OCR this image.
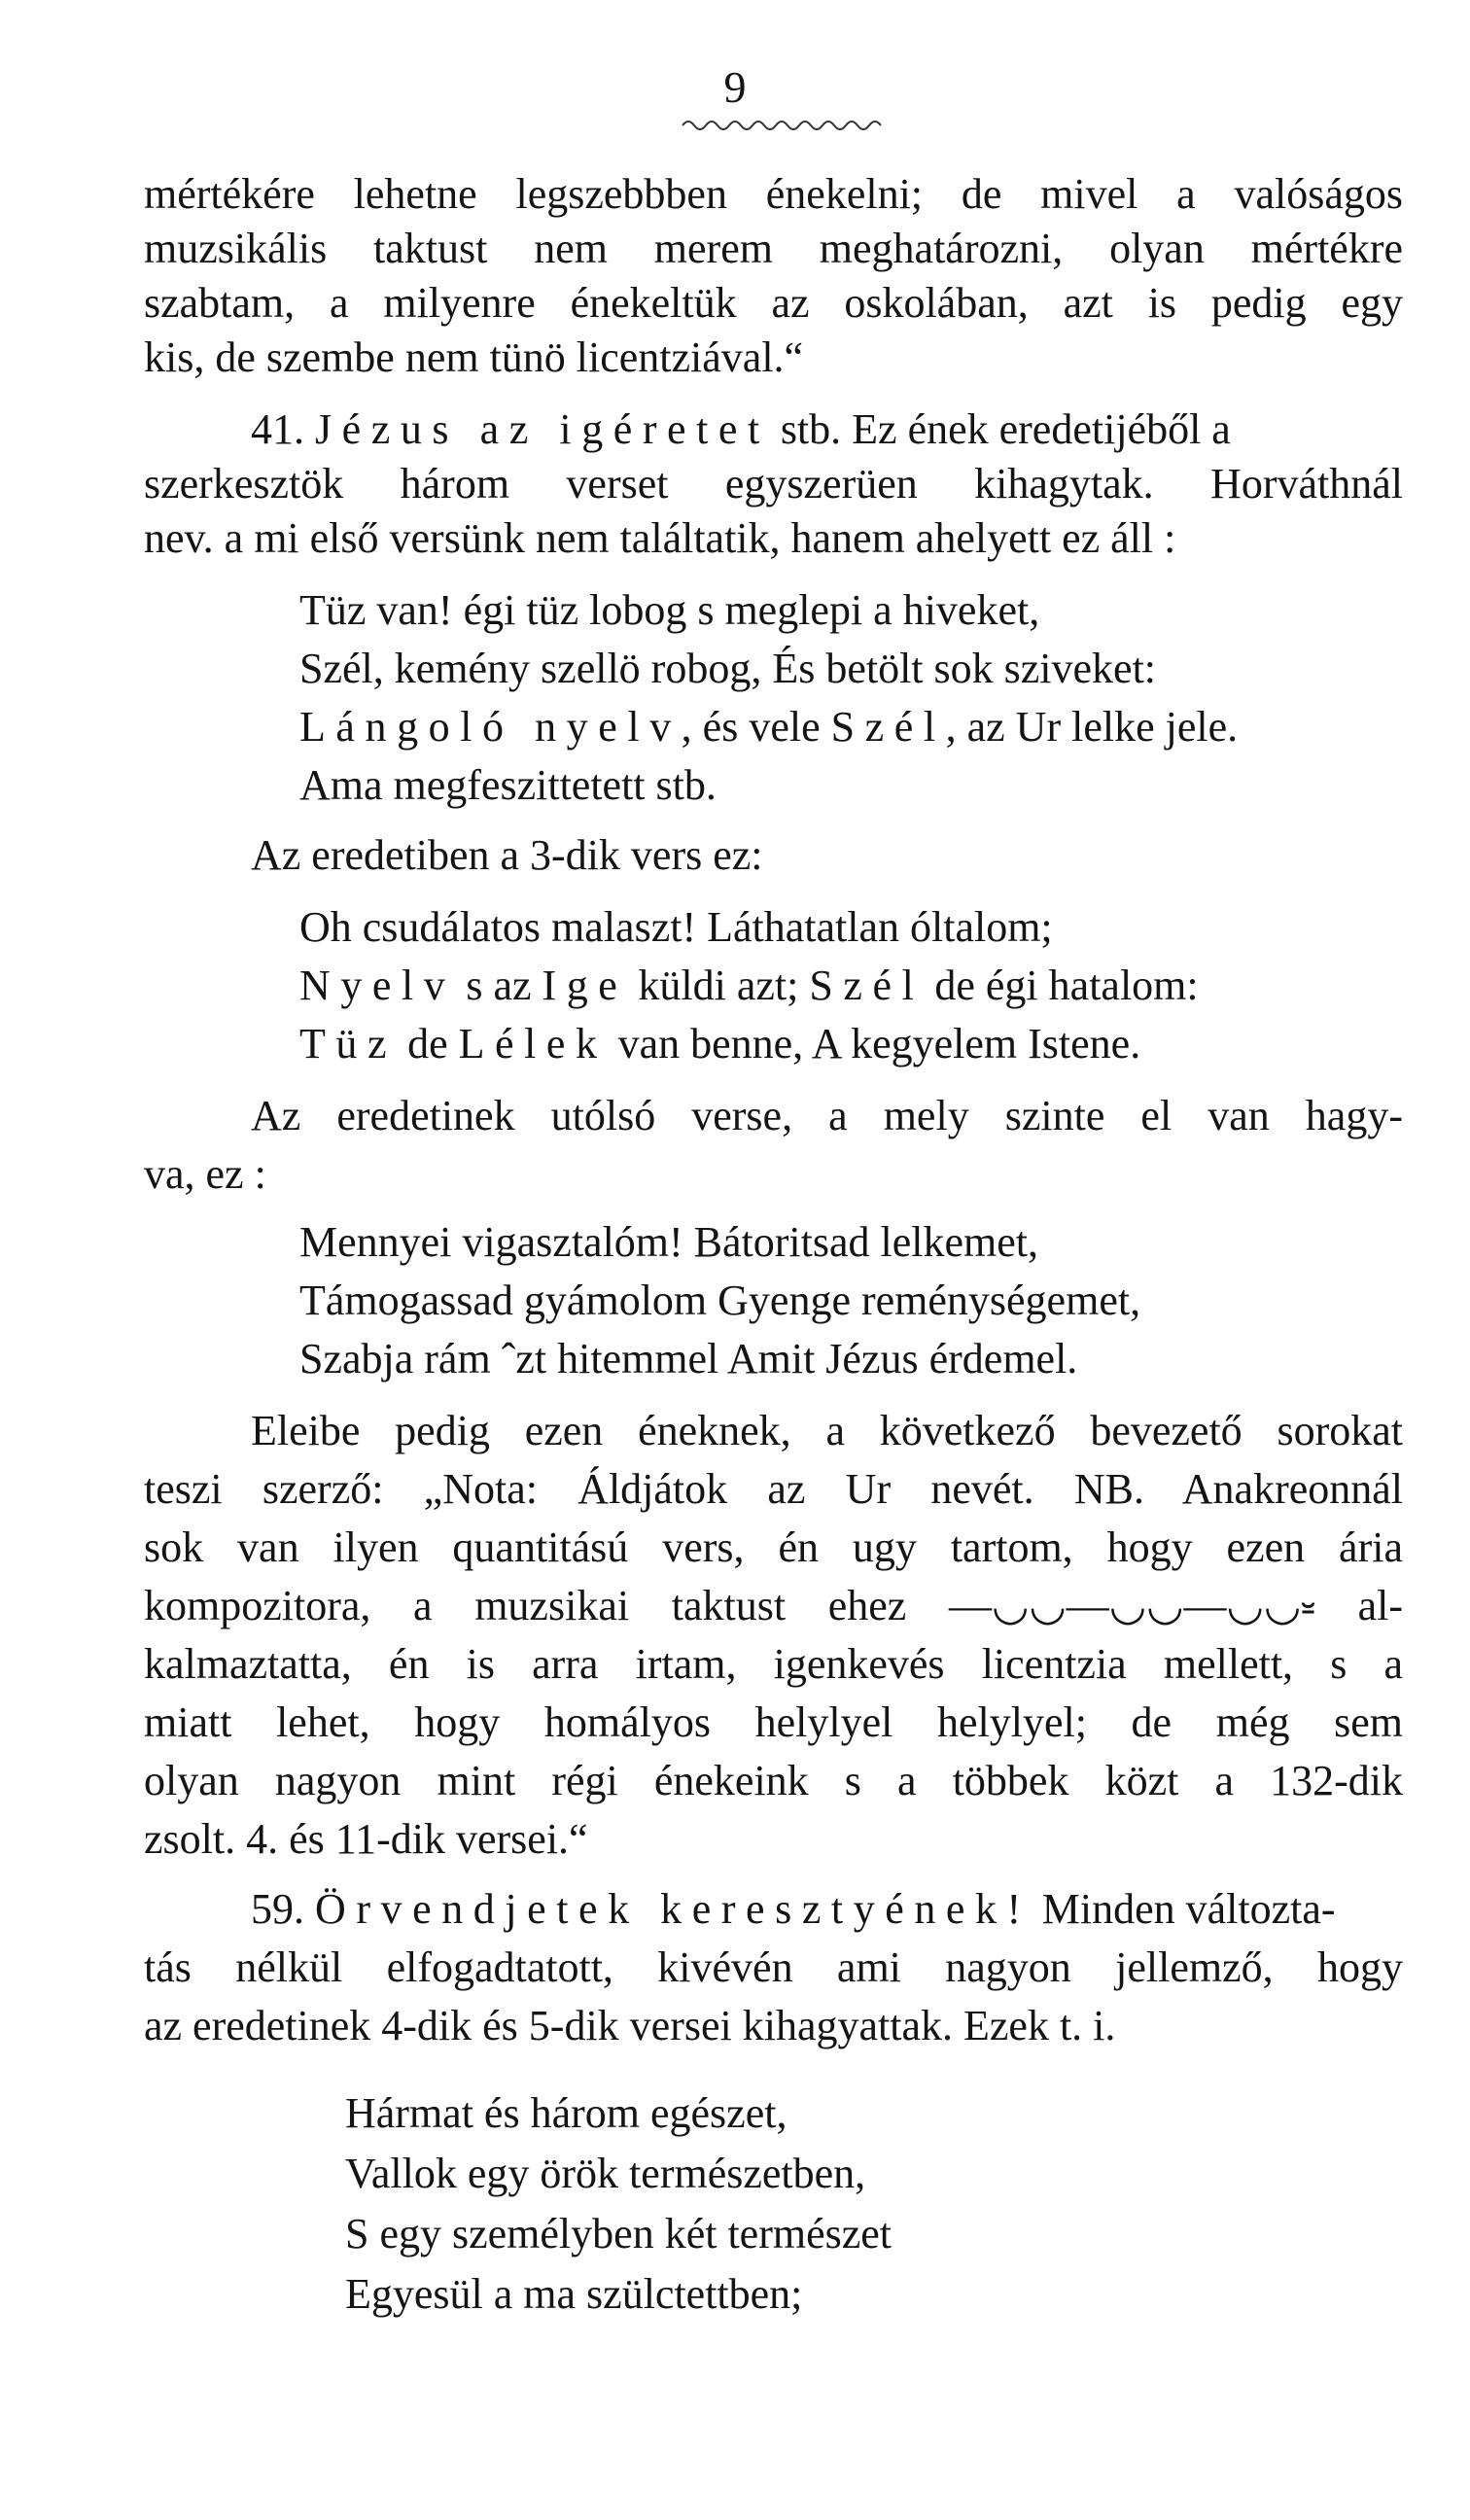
9
mértékére lehetne legszebbben énekelni; de mivel a valóságos
muzsikális taktust nem merem meghatározni, olyan mértékre
szabtam, a milyenre énekeltük az oskolában, azt is pedig egy
kis, de szembe nem tünö licentziával.“
41. Jézus az igéretet stb. Ez ének eredetijéből a
szerkesztök három verset egyszerüen kihagytak. Horváthnál
nev. a mi első versünk nem találtatik, hanem ahelyett ez áll :
Tüz van! égi tüz lobog s meglepi a hiveket,
Szél, kemény szellö robog, És betölt sok sziveket:
Lángoló nyelv, és vele Szél, az Ur lelke jele.
Ama megfeszittetett stb.
Az eredetiben a 3-dik vers ez:
Oh csudálatos malaszt! Láthatatlan óltalom;
Nyelv s az Ige küldi azt; Szél de égi hatalom:
Tüz de Lélek van benne, A kegyelem Istene.
Az eredetinek utólsó verse, a mely szinte el van hagy-
va, ez :
Mennyei vigasztalóm! Bátoritsad lelkemet,
Támogassad gyámolom Gyenge reménységemet,
Szabja rám ˆzt hitemmel Amit Jézus érdemel.
Eleibe pedig ezen éneknek, a következő bevezető sorokat
teszi szerző: „Nota: Áldjátok az Ur nevét. NB. Anakreonnál
sok van ilyen quantitású vers, én ugy tartom, hogy ezen ária
kompozitora, a muzsikai taktust ehez —◡◡—◡◡—◡◡⏓ al-
kalmaztatta, én is arra irtam, igenkevés licentzia mellett, s a
miatt lehet, hogy homályos helylyel helylyel; de még sem
olyan nagyon mint régi énekeink s a többek közt a 132-dik
zsolt. 4. és 11-dik versei.“
59. Örvendjetek keresztyének! Minden változta-
tás nélkül elfogadtatott, kivévén ami nagyon jellemző, hogy
az eredetinek 4-dik és 5-dik versei kihagyattak. Ezek t. i.
Hármat és három egészet,
Vallok egy örök természetben,
S egy személyben két természet
Egyesül a ma szülctettben;
